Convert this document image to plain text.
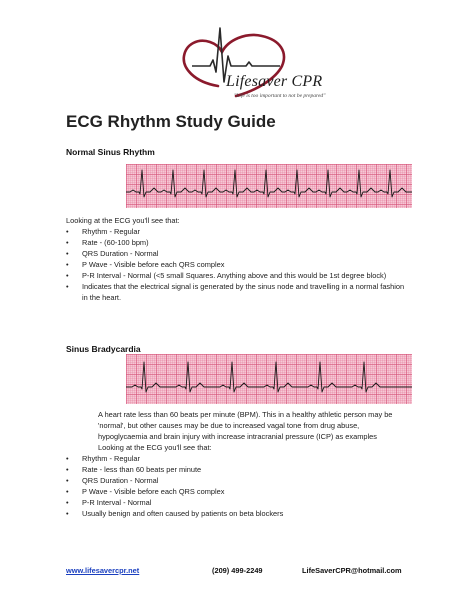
Lifesaver CPR
"Life is too important to not be prepared"
ECG Rhythm Study Guide
Normal Sinus Rhythm
Looking at the ECG you'll see that:
• Rhythm - Regular
• Rate - (60-100 bpm)
• QRS Duration - Normal
• P Wave - Visible before each QRS complex
• P-R Interval - Normal (<5 small Squares. Anything above and this would be 1st degree block)
• Indicates that the electrical signal is generated by the sinus node and travelling in a normal fashion in the heart.
Sinus Bradycardia
A heart rate less than 60 beats per minute (BPM). This in a healthy athletic person may be 'normal', but other causes may be due to increased vagal tone from drug abuse, hypoglycaemia and brain injury with increase intracranial pressure (ICP) as examples
Looking at the ECG you'll see that:
• Rhythm - Regular
• Rate - less than 60 beats per minute
• QRS Duration - Normal
• P Wave - Visible before each QRS complex
• P-R Interval - Normal
• Usually benign and often caused by patients on beta blockers
www.lifesavercpr.net	(209) 499-2249	LifeSaverCPR@hotmail.com
